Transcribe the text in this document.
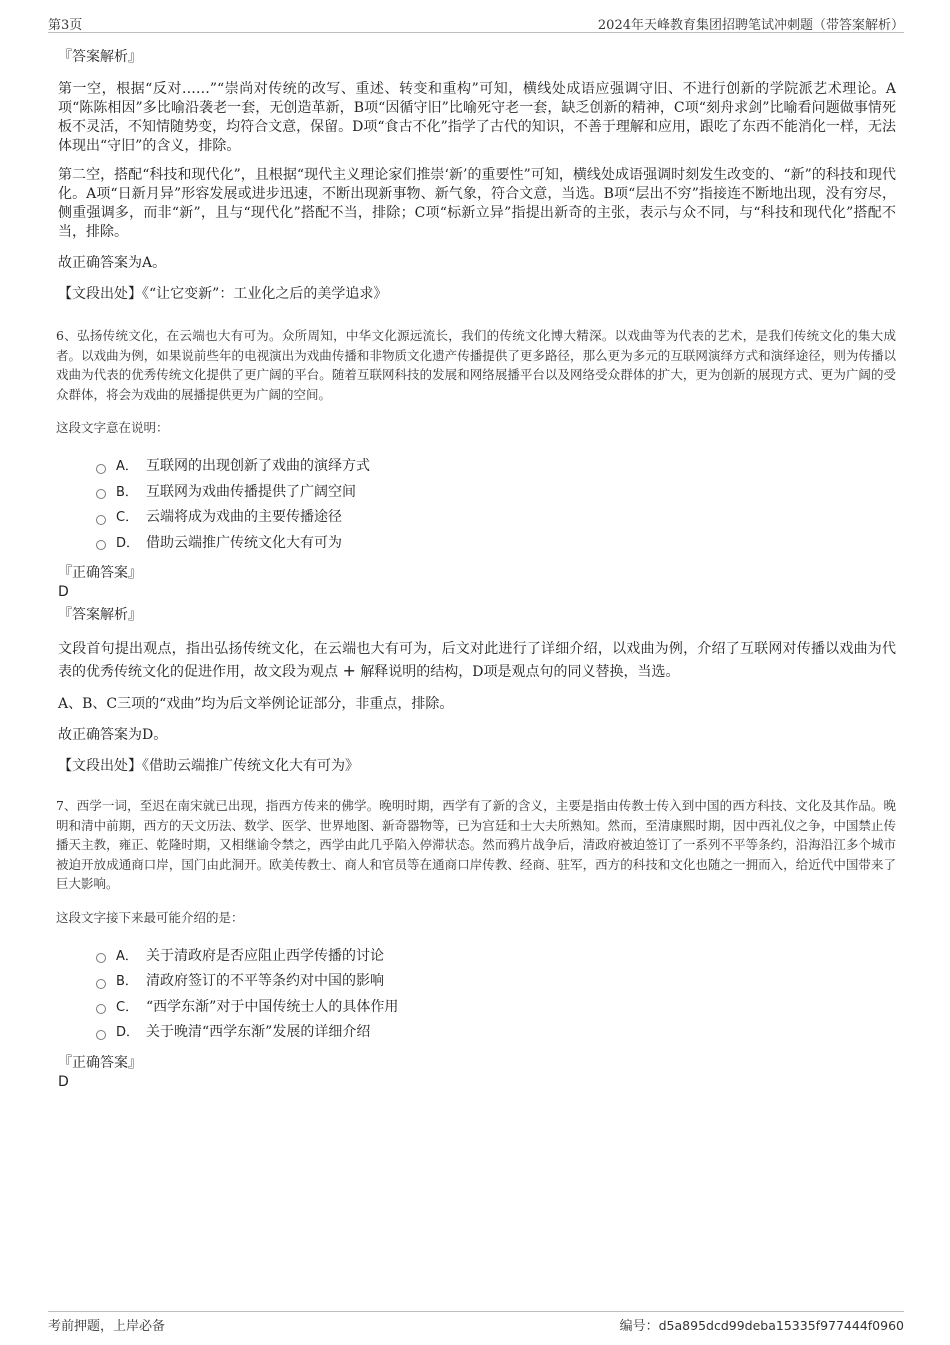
第3页	2024年天峰教育集团招聘笔试冲刺题（带答案解析）
『答案解析』

第一空，根据“反对……”“崇尚对传统的改写、重述、转变和重构”可知，横线处成语应强调守旧、不进行创新的学院派艺术理论。A项“陈陈相因”多比喻沿袭老一套，无创造革新，B项“因循守旧”比喻死守老一套，缺乏创新的精神，C项“刻舟求剑”比喻看问题做事情死板不灵活，不知情随势变，均符合文意，保留。D项“食古不化”指学了古代的知识，不善于理解和应用，跟吃了东西不能消化一样，无法体现出“守旧”的含义，排除。

第二空，搭配“科技和现代化”，且根据“现代主义理论家们推崇‘新’的重要性”可知，横线处成语强调时刻发生改变的、“新”的科技和现代化。A项“日新月异”形容发展或进步迅速，不断出现新事物、新气象，符合文意，当选。B项“层出不穷”指接连不断地出现，没有穷尽，侧重强调多，而非“新”，且与“现代化”搭配不当，排除；C项“标新立异”指提出新奇的主张，表示与众不同，与“科技和现代化”搭配不当，排除。

故正确答案为A。

【文段出处】《“让它变新”：工业化之后的美学追求》

6、弘扬传统文化，在云端也大有可为。众所周知，中华文化源远流长，我们的传统文化博大精深。以戏曲等为代表的艺术，是我们传统文化的集大成者。以戏曲为例，如果说前些年的电视演出为戏曲传播和非物质文化遗产传播提供了更多路径，那么更为多元的互联网演绎方式和演绎途径，则为传播以戏曲为代表的优秀传统文化提供了更广阔的平台。随着互联网科技的发展和网络展播平台以及网络受众群体的扩大，更为创新的展现方式、更为广阔的受众群体，将会为戏曲的展播提供更为广阔的空间。

这段文字意在说明：
A． 互联网的出现创新了戏曲的演绎方式
B． 互联网为戏曲传播提供了广阔空间
C． 云端将成为戏曲的主要传播途径
D． 借助云端推广传统文化大有可为
『正确答案』
D
『答案解析』

文段首句提出观点，指出弘扬传统文化，在云端也大有可为，后文对此进行了详细介绍，以戏曲为例，介绍了互联网对传播以戏曲为代表的优秀传统文化的促进作用，故文段为观点 + 解释说明的结构，D项是观点句的同义替换，当选。

A、B、C三项的“戏曲”均为后文举例论证部分，非重点，排除。

故正确答案为D。

【文段出处】《借助云端推广传统文化大有可为》

7、西学一词，至迟在南宋就已出现，指西方传来的佛学。晚明时期，西学有了新的含义，主要是指由传教士传入到中国的西方科技、文化及其作品。晚明和清中前期，西方的天文历法、数学、医学、世界地图、新奇器物等，已为宫廷和士大夫所熟知。然而，至清康熙时期，因中西礼仪之争，中国禁止传播天主教，雍正、乾隆时期，又相继谕令禁之，西学由此几乎陷入停滞状态。然而鸦片战争后，清政府被迫签订了一系列不平等条约，沿海沿江多个城市被迫开放成通商口岸，国门由此洞开。欧美传教士、商人和官员等在通商口岸传教、经商、驻军，西方的科技和文化也随之一拥而入，给近代中国带来了巨大影响。

这段文字接下来最可能介绍的是：
A． 关于清政府是否应阻止西学传播的讨论
B． 清政府签订的不平等条约对中国的影响
C． “西学东渐”对于中国传统士人的具体作用
D． 关于晚清“西学东渐”发展的详细介绍
『正确答案』
D
考前押题，上岸必备	编号：d5a895dcd99deba15335f977444f0960
